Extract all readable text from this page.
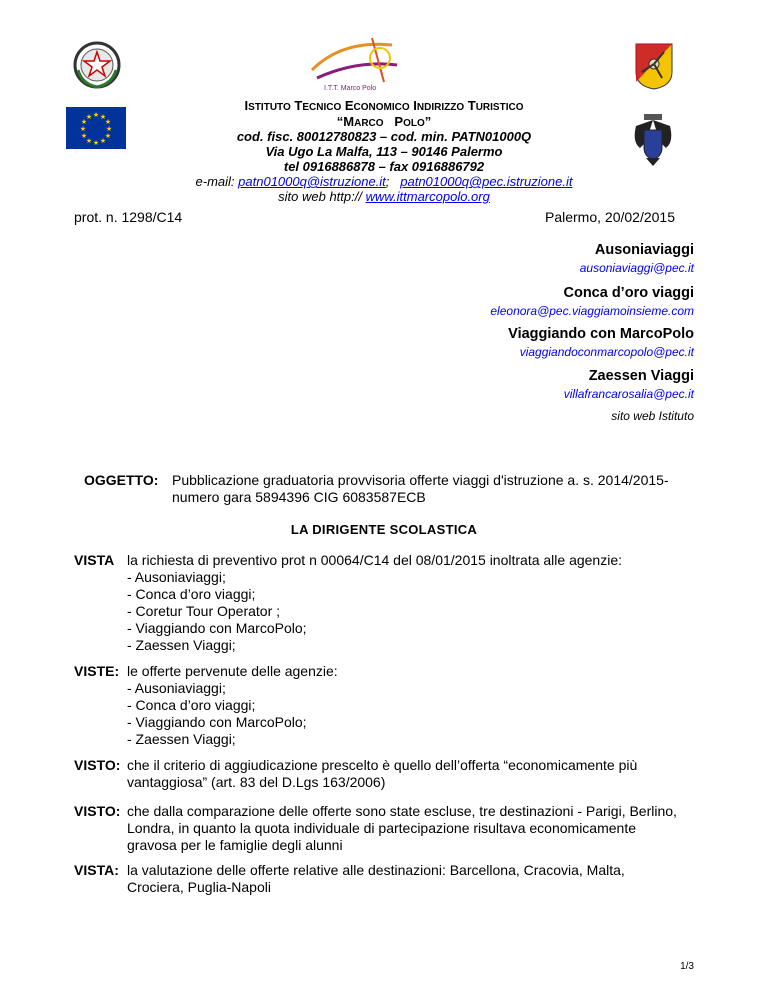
I.T.T. Marco Polo
★ ★
★
★
★
★
★
★
★
★
★
★
ISTITUTO TECNICO ECONOMICO INDIRIZZO TURISTICO
“MARCO POLO”
cod. fisc. 80012780823 – cod. min. PATN01000Q
Via Ugo La Malfa, 113 – 90146 Palermo
tel 0916886878 – fax 0916886792
e-mail: patn01000q@istruzione.it;   patn01000q@pec.istruzione.it
sito web http:// www.ittmarcopolo.org
prot. n. 1298/C14	Palermo, 20/02/2015
Ausoniaviaggi
ausoniaviaggi@pec.it
Conca d’oro viaggi
eleonora@pec.viaggiamoinsieme.com
Viaggiando con MarcoPolo
viaggiandoconmarcopolo@pec.it
Zaessen Viaggi
villafrancarosalia@pec.it
sito web Istituto
OGGETTO: Pubblicazione graduatoria provvisoria offerte viaggi d'istruzione a. s. 2014/2015-
numero gara 5894396 CIG 6083587ECB
LA DIRIGENTE SCOLASTICA
VISTA la richiesta di preventivo prot n 00064/C14 del 08/01/2015 inoltrata alle agenzie:
- Ausoniaviaggi;
- Conca d’oro viaggi;
- Coretur Tour Operator ;
- Viaggiando con MarcoPolo;
- Zaessen Viaggi;
VISTE: le offerte pervenute delle agenzie:
- Ausoniaviaggi;
- Conca d’oro viaggi;
- Viaggiando con MarcoPolo;
- Zaessen Viaggi;
VISTO: che il criterio di aggiudicazione prescelto è quello dell’offerta “economicamente più
vantaggiosa” (art. 83 del D.Lgs 163/2006)
VISTO: che dalla comparazione delle offerte sono state escluse, tre destinazioni - Parigi, Berlino,
Londra, in quanto la quota individuale di partecipazione risultava economicamente
gravosa per le famiglie degli alunni
VISTA: la valutazione delle offerte relative alle destinazioni: Barcellona, Cracovia, Malta,
Crociera, Puglia-Napoli
1/3
